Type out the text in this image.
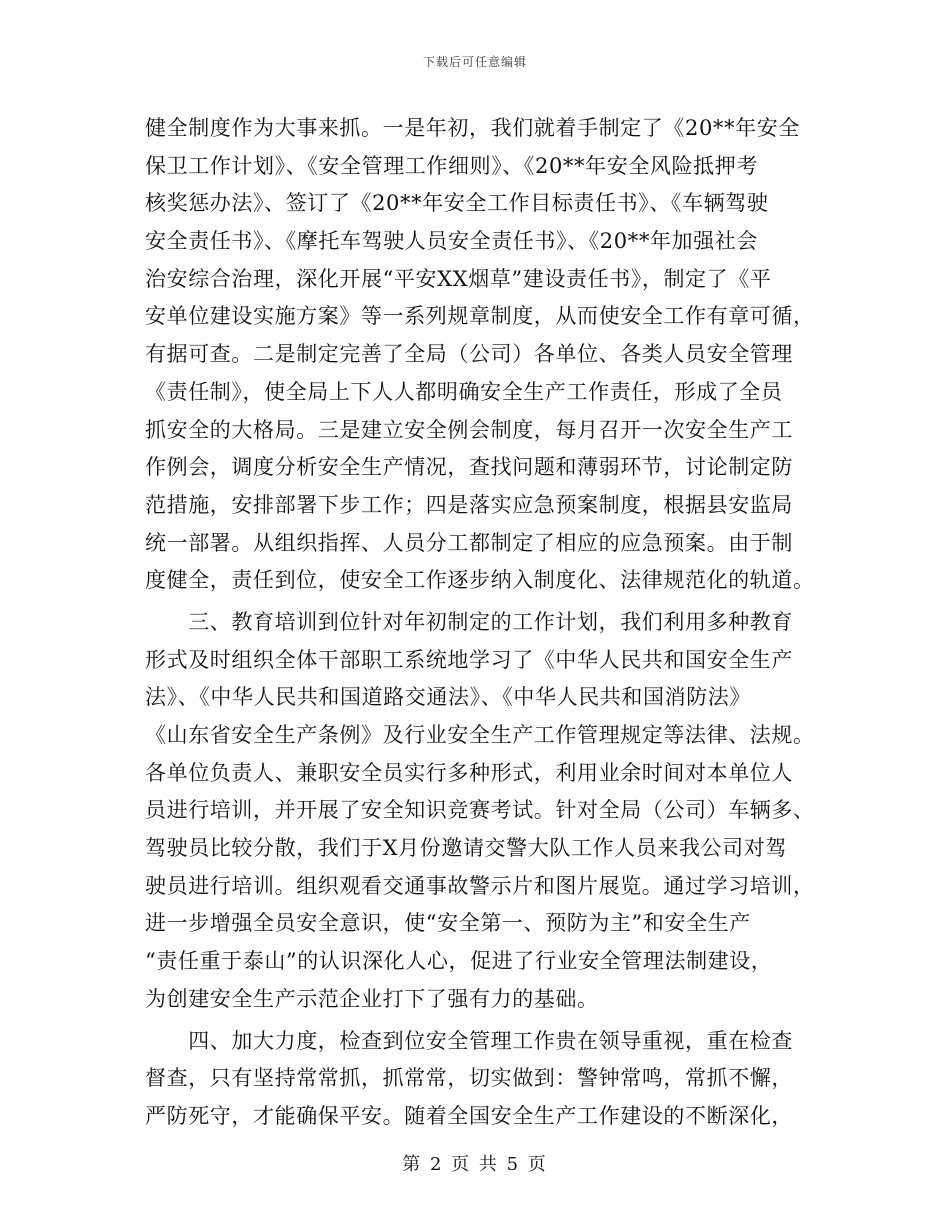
下载后可任意编辑
健全制度作为大事来抓。一是年初，我们就着手制定了《20**年安全
保卫工作计划》、《安全管理工作细则》、《20**年安全风险抵押考
核奖惩办法》、签订了《20**年安全工作目标责任书》、《车辆驾驶
安全责任书》、《摩托车驾驶人员安全责任书》、《20**年加强社会
治安综合治理，深化开展“平安XX烟草”建设责任书》，制定了《平
安单位建设实施方案》等一系列规章制度，从而使安全工作有章可循，
有据可查。二是制定完善了全局（公司）各单位、各类人员安全管理
《责任制》，使全局上下人人都明确安全生产工作责任，形成了全员
抓安全的大格局。三是建立安全例会制度，每月召开一次安全生产工
作例会，调度分析安全生产情况，查找问题和薄弱环节，讨论制定防
范措施，安排部署下步工作；四是落实应急预案制度，根据县安监局
统一部署。从组织指挥、人员分工都制定了相应的应急预案。由于制
度健全，责任到位，使安全工作逐步纳入制度化、法律规范化的轨道。
　　三、教育培训到位针对年初制定的工作计划，我们利用多种教育
形式及时组织全体干部职工系统地学习了《中华人民共和国安全生产
法》、《中华人民共和国道路交通法》、《中华人民共和国消防法》
《山东省安全生产条例》及行业安全生产工作管理规定等法律、法规。
各单位负责人、兼职安全员实行多种形式，利用业余时间对本单位人
员进行培训，并开展了安全知识竞赛考试。针对全局（公司）车辆多、
驾驶员比较分散，我们于X月份邀请交警大队工作人员来我公司对驾
驶员进行培训。组织观看交通事故警示片和图片展览。通过学习培训，
进一步增强全员安全意识，使“安全第一、预防为主”和安全生产
“责任重于泰山”的认识深化人心，促进了行业安全管理法制建设，
为创建安全生产示范企业打下了强有力的基础。
　　四、加大力度，检查到位安全管理工作贵在领导重视，重在检查
督查，只有坚持常常抓，抓常常，切实做到：警钟常鸣，常抓不懈，
严防死守，才能确保平安。随着全国安全生产工作建设的不断深化，
第 2 页 共 5 页
